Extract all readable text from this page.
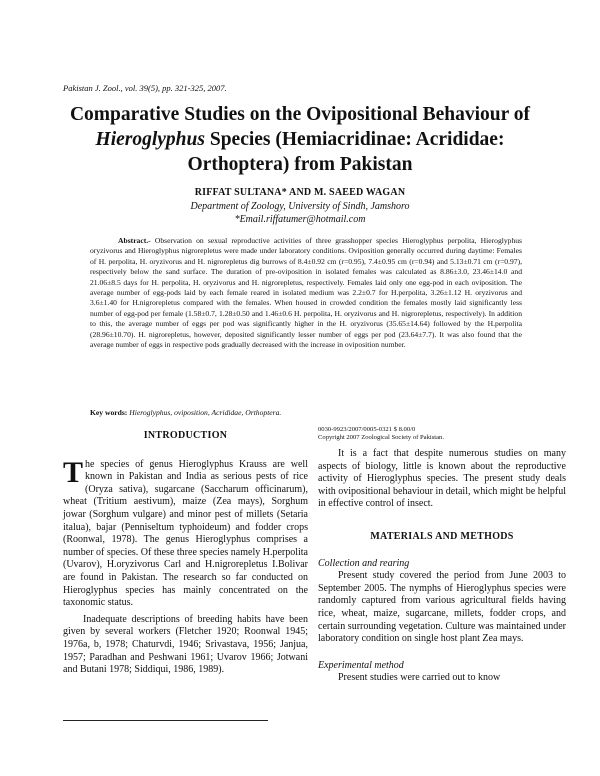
Pakistan J. Zool., vol. 39(5), pp. 321-325, 2007.
Comparative Studies on the Ovipositional Behaviour of
Hieroglyphus Species (Hemiacridinae: Acrididae:
Orthoptera) from Pakistan
RIFFAT SULTANA* AND M. SAEED WAGAN
Department of Zoology, University of Sindh, Jamshoro
*Email.riffatumer@hotmail.com
Abstract.- Observation on sexual reproductive activities of three grasshopper species Hieroglyphus perpolita, Hieroglyphus oryzivorus and Hieroglyphus nigrorepletus were made under laboratory conditions. Oviposition generally occurred during daytime: Females of H. perpolita, H. oryzivorus and H. nigrorepletus dig burrows of 8.4±0.92 cm (r=0.95), 7.4±0.95 cm (r=0.94) and 5.13±0.71 cm (r=0.97), respectively below the sand surface. The duration of pre-oviposition in isolated females was calculated as 8.86±3.0, 23.46±14.0 and 21.06±8.5 days for H. perpolita, H. oryzivorus and H. nigrorepletus, respectively. Females laid only one egg-pod in each oviposition. The average number of egg-pods laid by each female reared in isolated medium was 2.2±0.7 for H.perpolita, 3.26±1.12 H. oryzivorus and 3.6±1.40 for H.nigrorepletus compared with the females. When housed in crowded condition the females mostly laid significantly less number of egg-pod per female (1.58±0.7, 1.28±0.50 and 1.46±0.6 H. perpolita, H. oryzivorus and H. nigrorepletus, respectively). In addition to this, the average number of eggs per pod was significantly higher in the H. oryzivorus (35.65±14.64) followed by the H.perpolita (28.96±10.70). H. nigrorepletus, however, deposited significantly lesser number of eggs per pod (23.64±7.7). It was also found that the average number of eggs in respective pods gradually decreased with the increase in oviposition number.
Key words: Hieroglyphus, oviposition, Acrididae, Orthoptera.
INTRODUCTION

The species of genus Hieroglyphus Krauss are well known in Pakistan and India as serious pests of rice (Oryza sativa), sugarcane (Saccharum officinarum), wheat (Tritium aestivum), maize (Zea mays), Sorghum jowar (Sorghum vulgare) and minor pest of millets (Setaria italua), bajar (Penniseltum typhoideum) and fodder crops (Roonwal, 1978). The genus Hieroglyphus comprises a number of species. Of these three species namely H.perpolita (Uvarov), H.oryzivorus Carl and H.nigrorepletus I.Bolivar are found in Pakistan. The research so far conducted on Hieroglyphus species has mainly concentrated on the taxonomic status.

Inadequate descriptions of breeding habits have been given by several workers (Fletcher 1920; Roonwal 1945; 1976a, b, 1978; Chaturvdi, 1946; Srivastava, 1956; Janjua, 1957; Paradhan and Peshwani 1961; Uvarov 1966; Jotwani and Butani 1978; Siddiqui, 1986, 1989).

0030-9923/2007/0005-0321 $ 8.00/0
Copyright 2007 Zoological Society of Pakistan.

It is a fact that despite numerous studies on many aspects of biology, little is known about the reproductive activity of Hieroglyphus species. The present study deals with ovipositional behaviour in detail, which might be helpful in effective control of insect.

MATERIALS AND METHODS
Collection and rearing

Present study covered the period from June 2003 to September 2005. The nymphs of Hieroglyphus species were randomly captured from various agricultural fields having rice, wheat, maize, sugarcane, millets, fodder crops, and certain surrounding vegetation. Culture was maintained under laboratory condition on single host plant Zea mays.

Experimental method

Present studies were carried out to know
